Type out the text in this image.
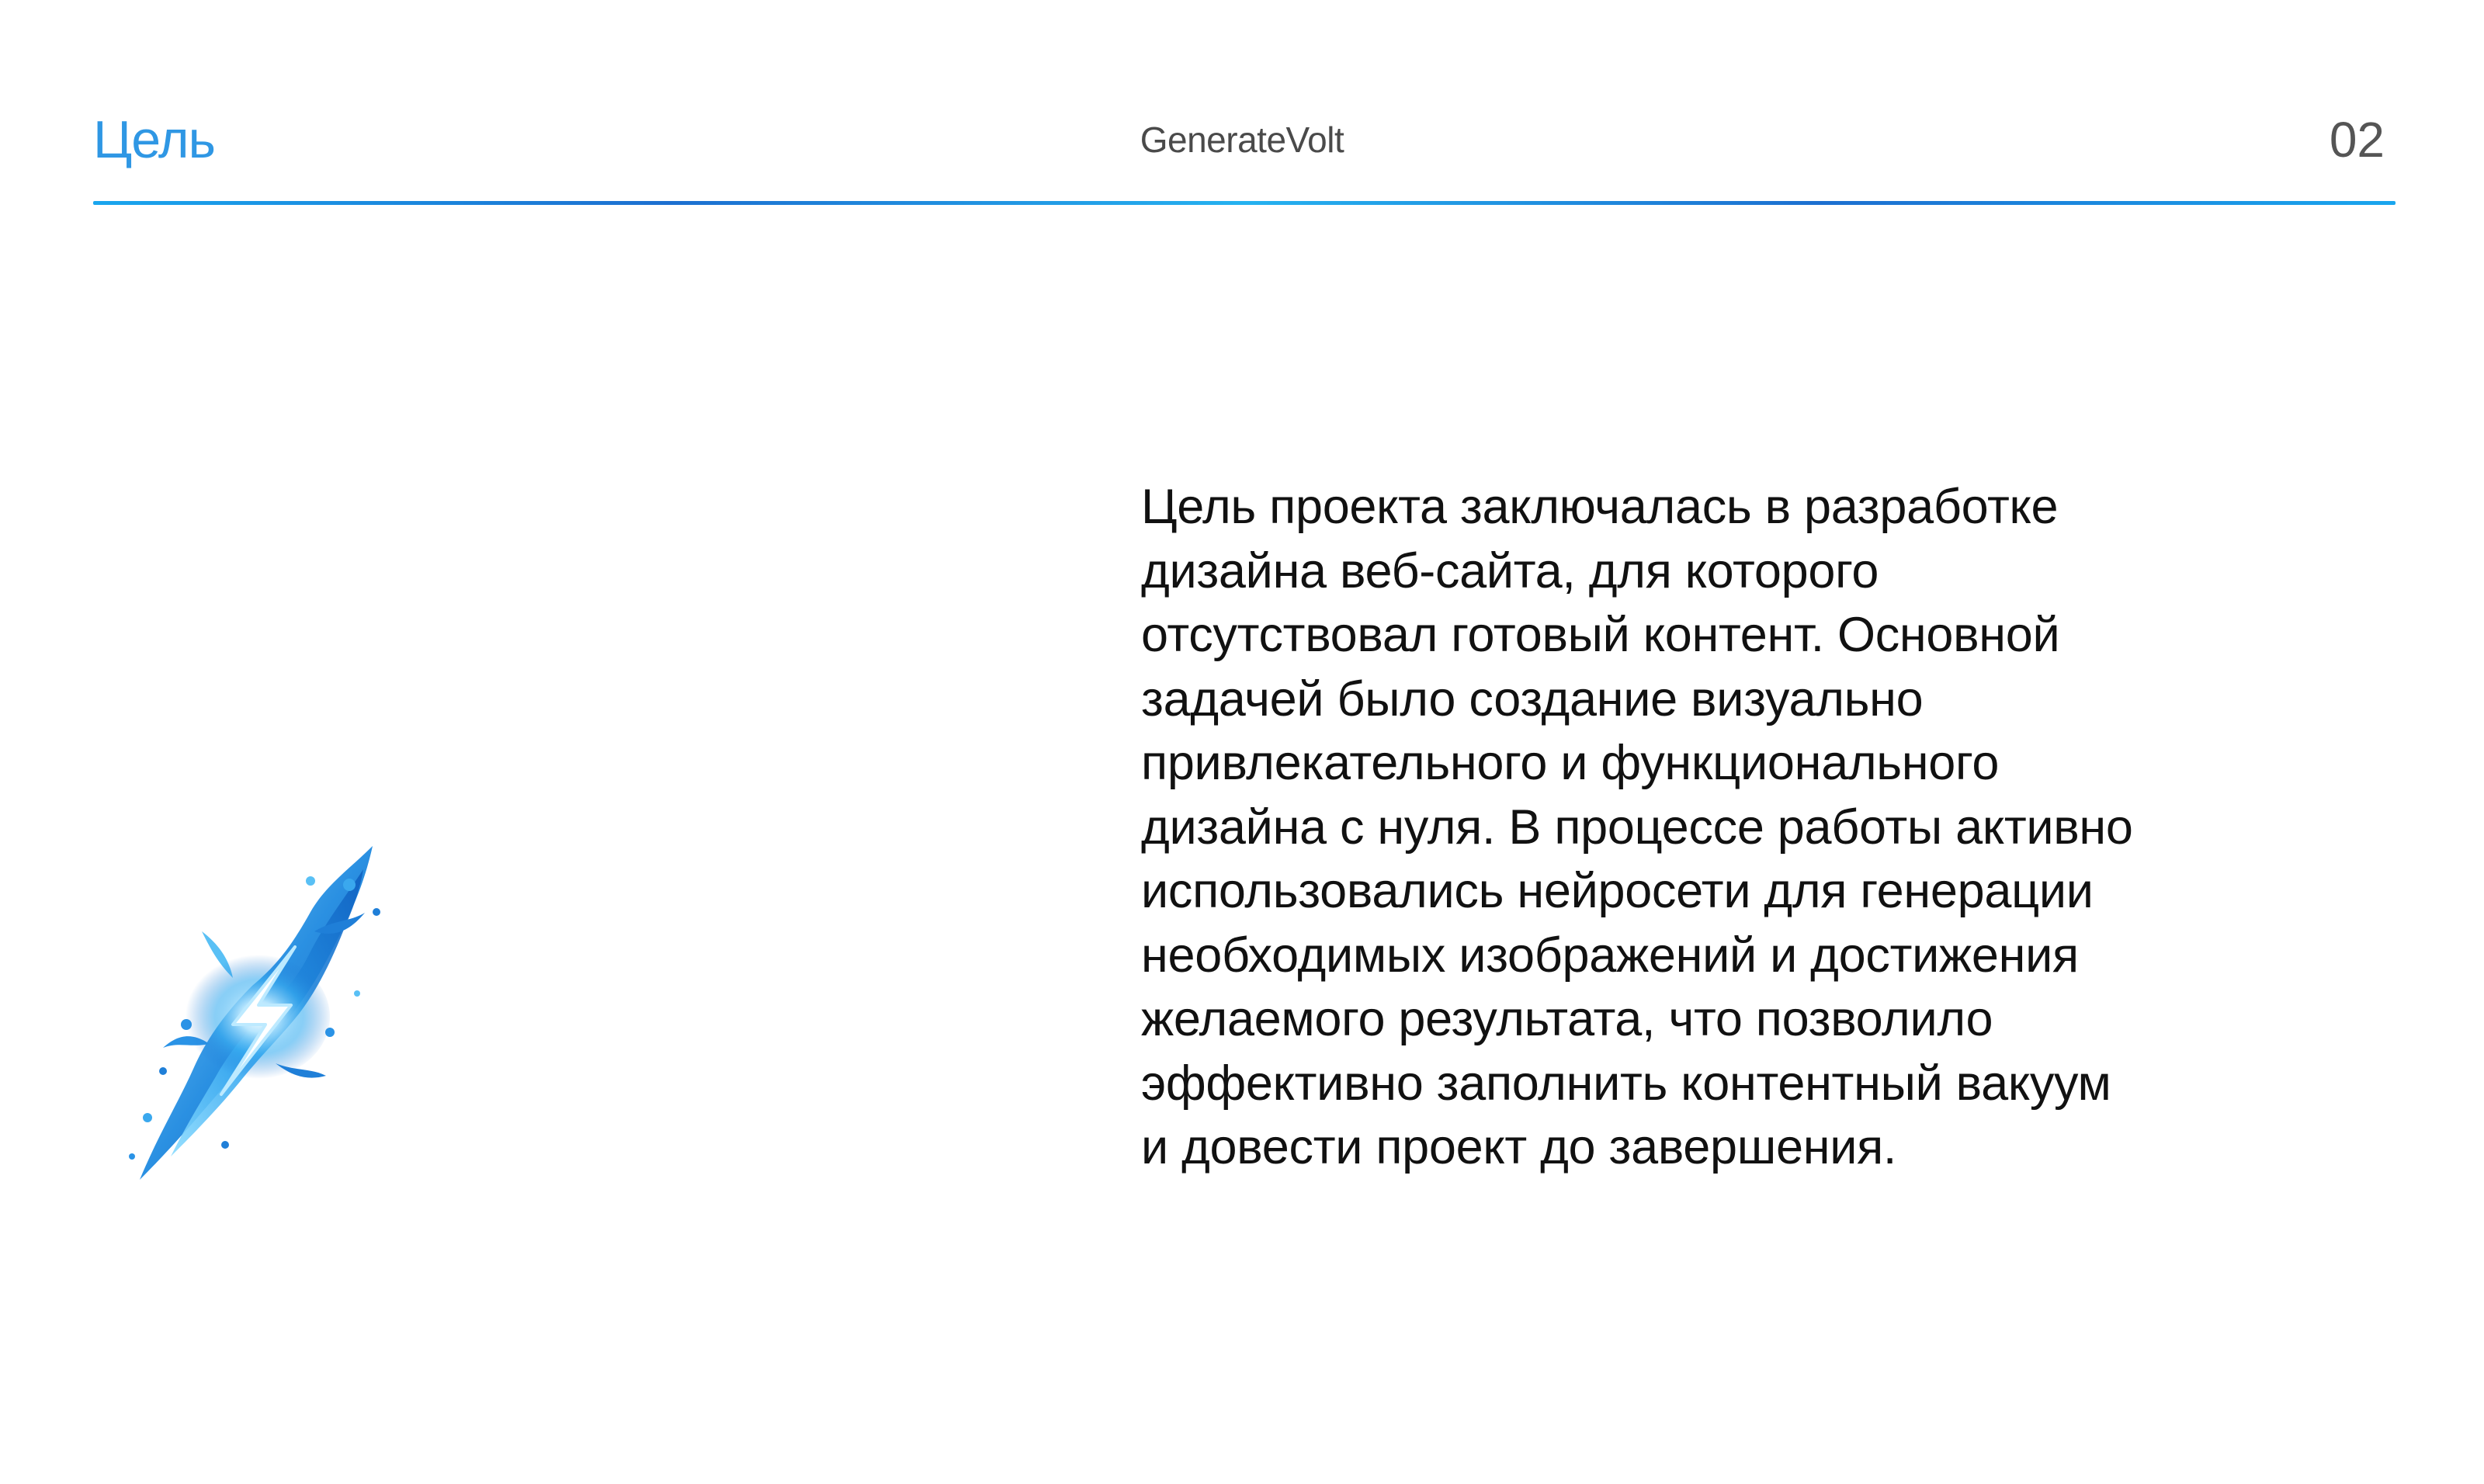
Цель	GenerateVolt	02

Цель проекта заключалась в разработке
дизайна веб-сайта, для которого
отсутствовал готовый контент. Основной
задачей было создание визуально
привлекательного и функционального
дизайна с нуля. В процессе работы активно
использовались нейросети для генерации
необходимых изображений и достижения
желаемого результата, что позволило
эффективно заполнить контентный вакуум
и довести проект до завершения.
